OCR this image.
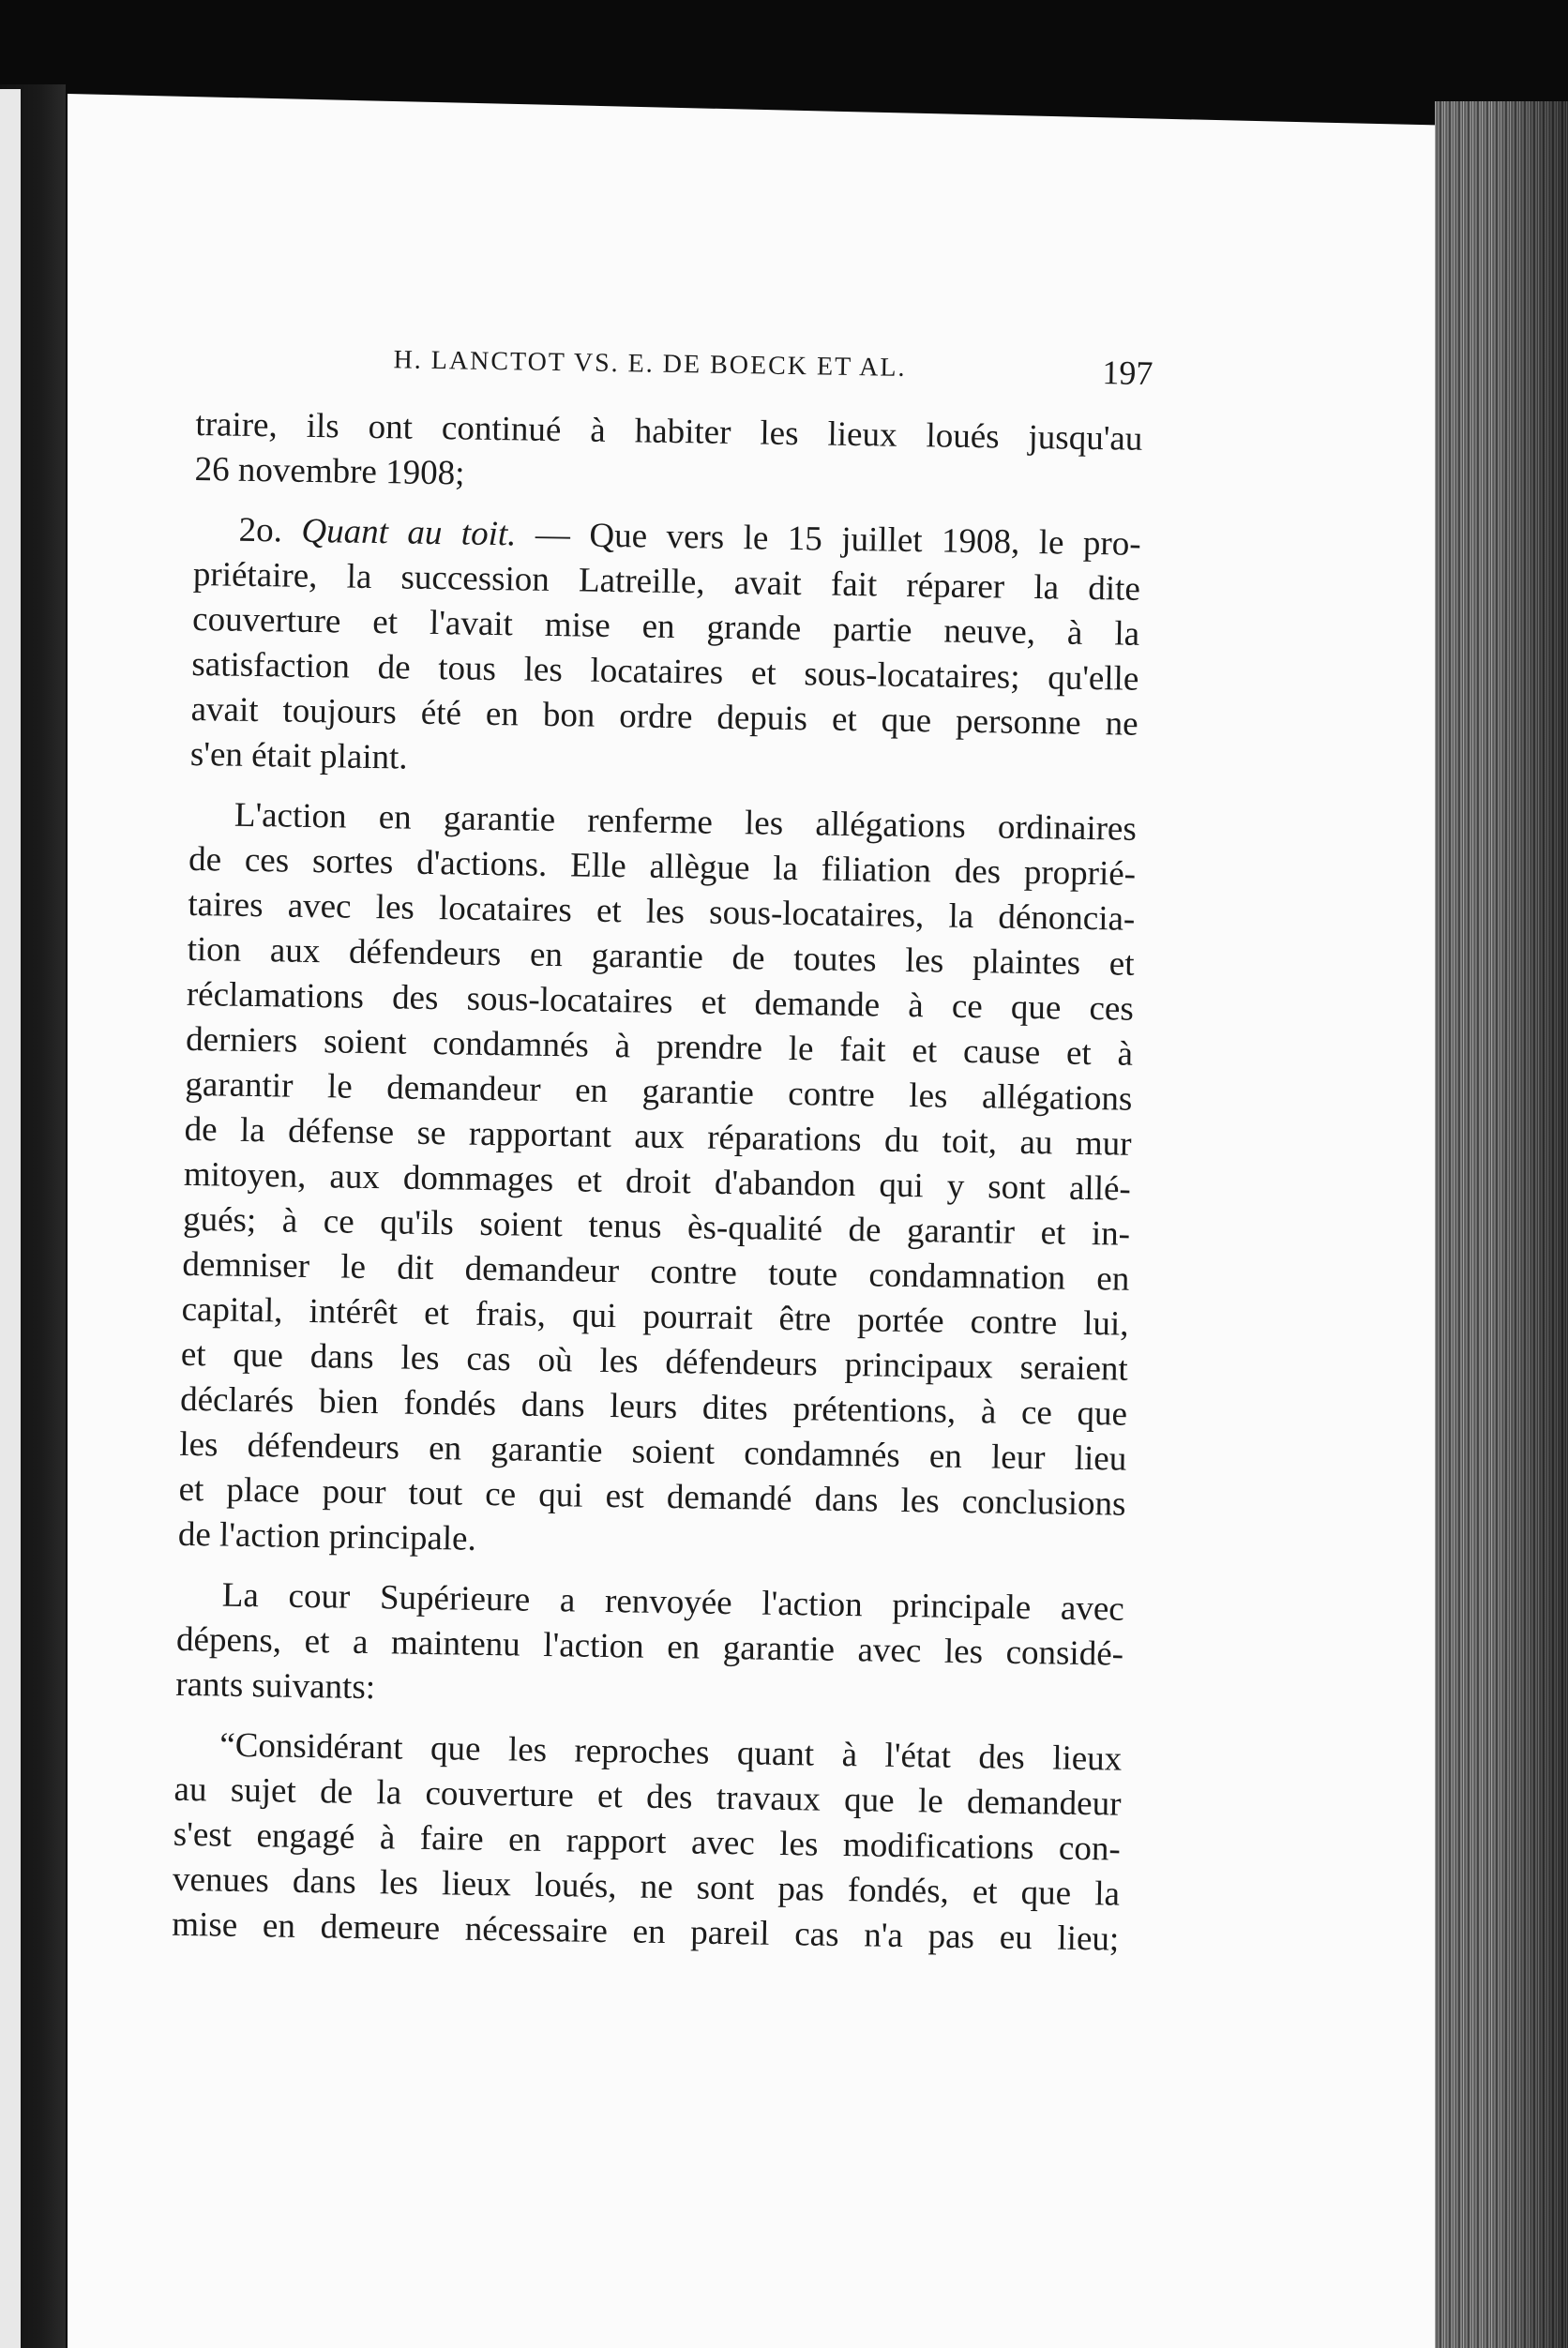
H. LANCTOT VS. E. DE BOECK ET AL.	197
traire, ils ont continué à habiter les lieux loués jusqu'au
26 novembre 1908;
2o. Quant au toit. — Que vers le 15 juillet 1908, le pro-
priétaire, la succession Latreille, avait fait réparer la dite
couverture et l'avait mise en grande partie neuve, à la
satisfaction de tous les locataires et sous-locataires; qu'elle
avait toujours été en bon ordre depuis et que personne ne
s'en était plaint.
L'action en garantie renferme les allégations ordinaires
de ces sortes d'actions. Elle allègue la filiation des proprié-
taires avec les locataires et les sous-locataires, la dénoncia-
tion aux défendeurs en garantie de toutes les plaintes et
réclamations des sous-locataires et demande à ce que ces
derniers soient condamnés à prendre le fait et cause et à
garantir le demandeur en garantie contre les allégations
de la défense se rapportant aux réparations du toit, au mur
mitoyen, aux dommages et droit d'abandon qui y sont allé-
gués; à ce qu'ils soient tenus ès-qualité de garantir et in-
demniser le dit demandeur contre toute condamnation en
capital, intérêt et frais, qui pourrait être portée contre lui,
et que dans les cas où les défendeurs principaux seraient
déclarés bien fondés dans leurs dites prétentions, à ce que
les défendeurs en garantie soient condamnés en leur lieu
et place pour tout ce qui est demandé dans les conclusions
de l'action principale.
La cour Supérieure a renvoyée l'action principale avec
dépens, et a maintenu l'action en garantie avec les considé-
rants suivants:
“Considérant que les reproches quant à l'état des lieux
au sujet de la couverture et des travaux que le demandeur
s'est engagé à faire en rapport avec les modifications con-
venues dans les lieux loués, ne sont pas fondés, et que la
mise en demeure nécessaire en pareil cas n'a pas eu lieu;
